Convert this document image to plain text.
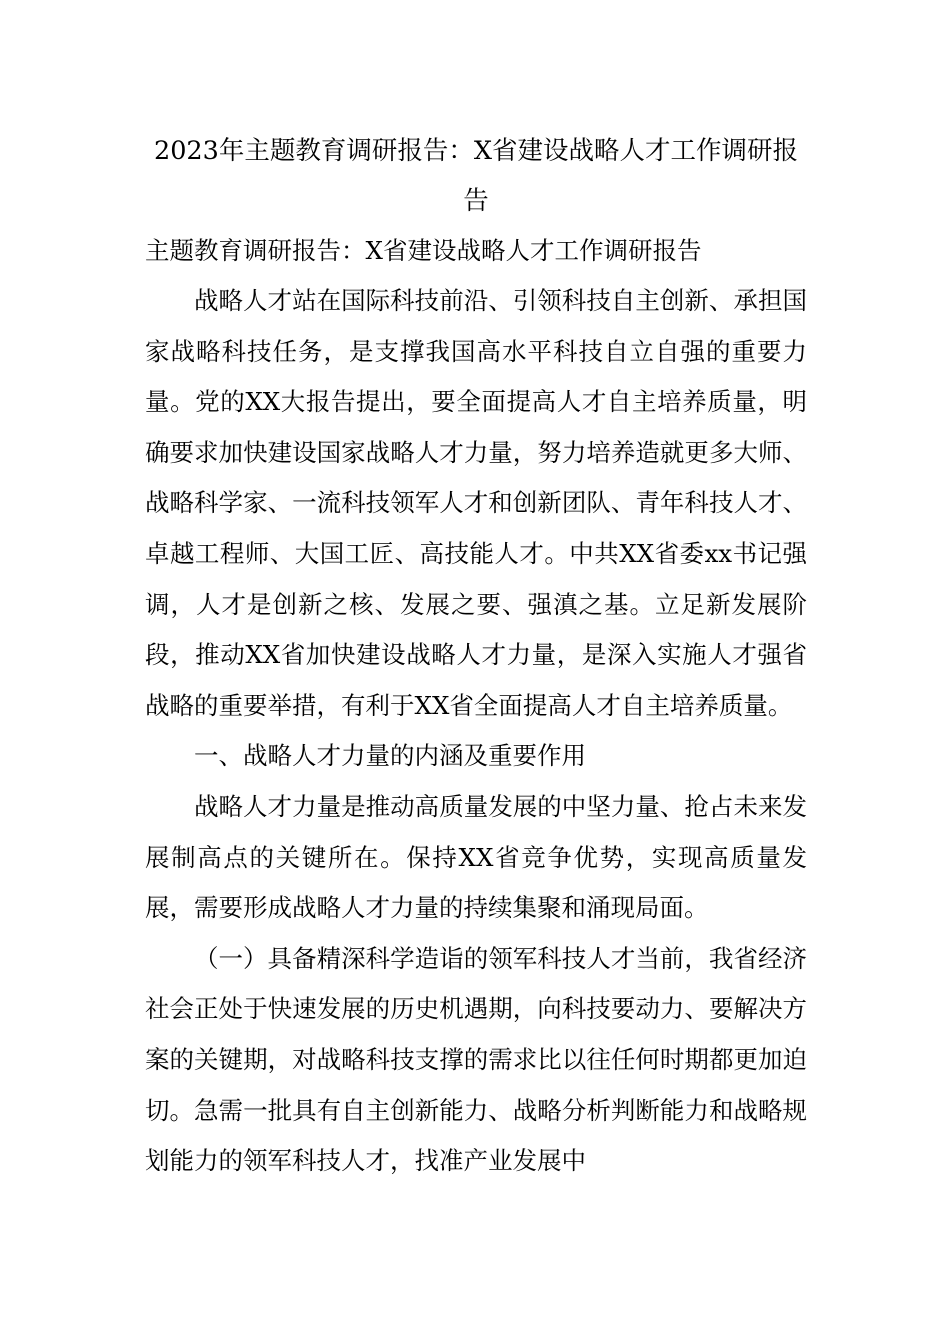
2023年主题教育调研报告：X省建设战略人才工作调研报告

主题教育调研报告：X省建设战略人才工作调研报告

战略人才站在国际科技前沿、引领科技自主创新、承担国家战略科技任务，是支撑我国高水平科技自立自强的重要力量。党的XX大报告提出，要全面提高人才自主培养质量，明确要求加快建设国家战略人才力量，努力培养造就更多大师、战略科学家、一流科技领军人才和创新团队、青年科技人才、卓越工程师、大国工匠、高技能人才。中共XX省委xx书记强调，人才是创新之核、发展之要、强滇之基。立足新发展阶段，推动XX省加快建设战略人才力量，是深入实施人才强省战略的重要举措，有利于XX省全面提高人才自主培养质量。

一、战略人才力量的内涵及重要作用

战略人才力量是推动高质量发展的中坚力量、抢占未来发展制高点的关键所在。保持XX省竞争优势，实现高质量发展，需要形成战略人才力量的持续集聚和涌现局面。

（一）具备精深科学造诣的领军科技人才当前，我省经济社会正处于快速发展的历史机遇期，向科技要动力、要解决方案的关键期，对战略科技支撑的需求比以往任何时期都更加迫切。急需一批具有自主创新能力、战略分析判断能力和战略规划能力的领军科技人才，找准产业发展中
